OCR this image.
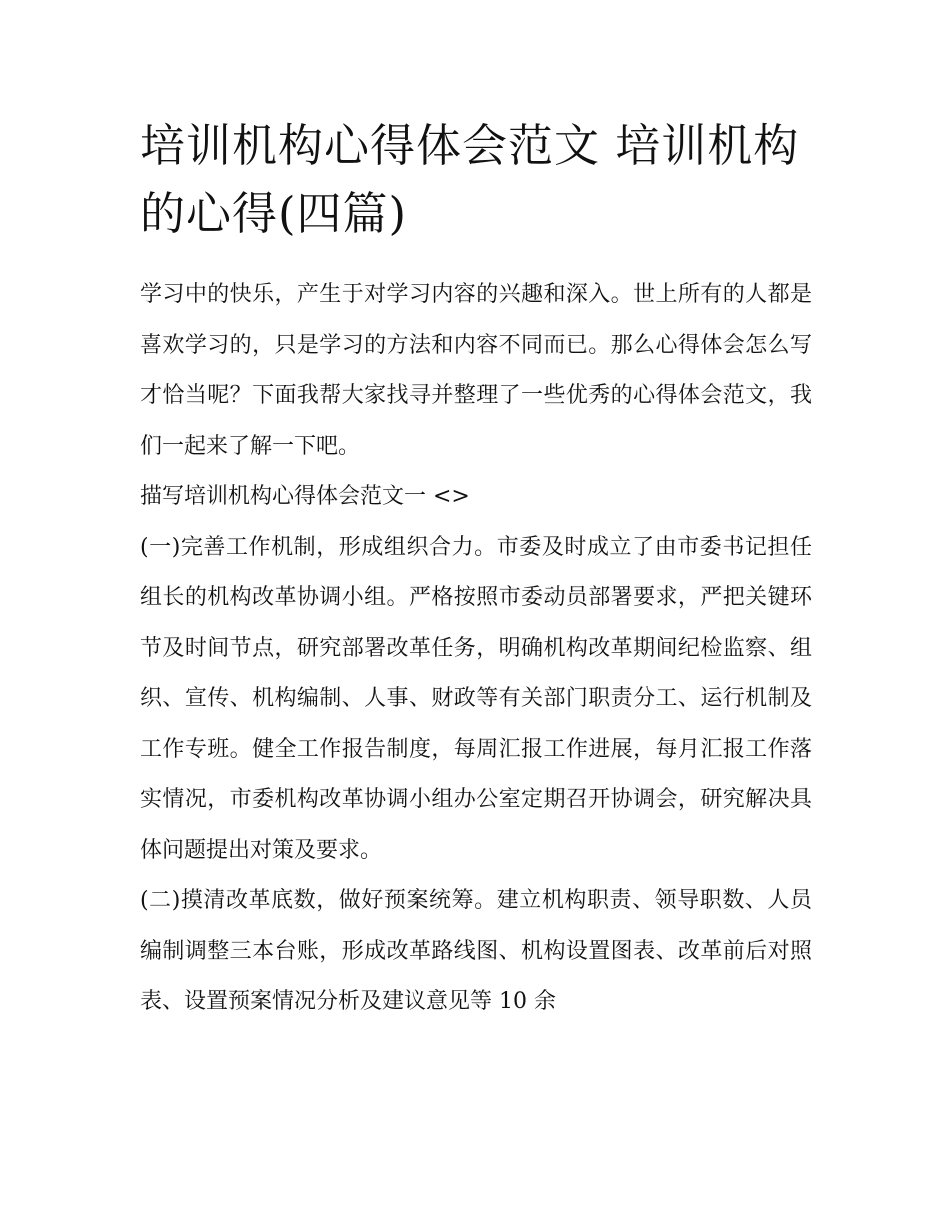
培训机构心得体会范文 培训机构的心得(四篇)

学习中的快乐，产生于对学习内容的兴趣和深入。世上所有的人都是喜欢学习的，只是学习的方法和内容不同而已。那么心得体会怎么写才恰当呢？下面我帮大家找寻并整理了一些优秀的心得体会范文，我们一起来了解一下吧。

描写培训机构心得体会范文一 <>

(一)完善工作机制，形成组织合力。市委及时成立了由市委书记担任组长的机构改革协调小组。严格按照市委动员部署要求，严把关键环节及时间节点，研究部署改革任务，明确机构改革期间纪检监察、组织、宣传、机构编制、人事、财政等有关部门职责分工、运行机制及工作专班。健全工作报告制度，每周汇报工作进展，每月汇报工作落实情况，市委机构改革协调小组办公室定期召开协调会，研究解决具体问题提出对策及要求。

(二)摸清改革底数，做好预案统筹。建立机构职责、领导职数、人员编制调整三本台账，形成改革路线图、机构设置图表、改革前后对照表、设置预案情况分析及建议意见等 10 余
